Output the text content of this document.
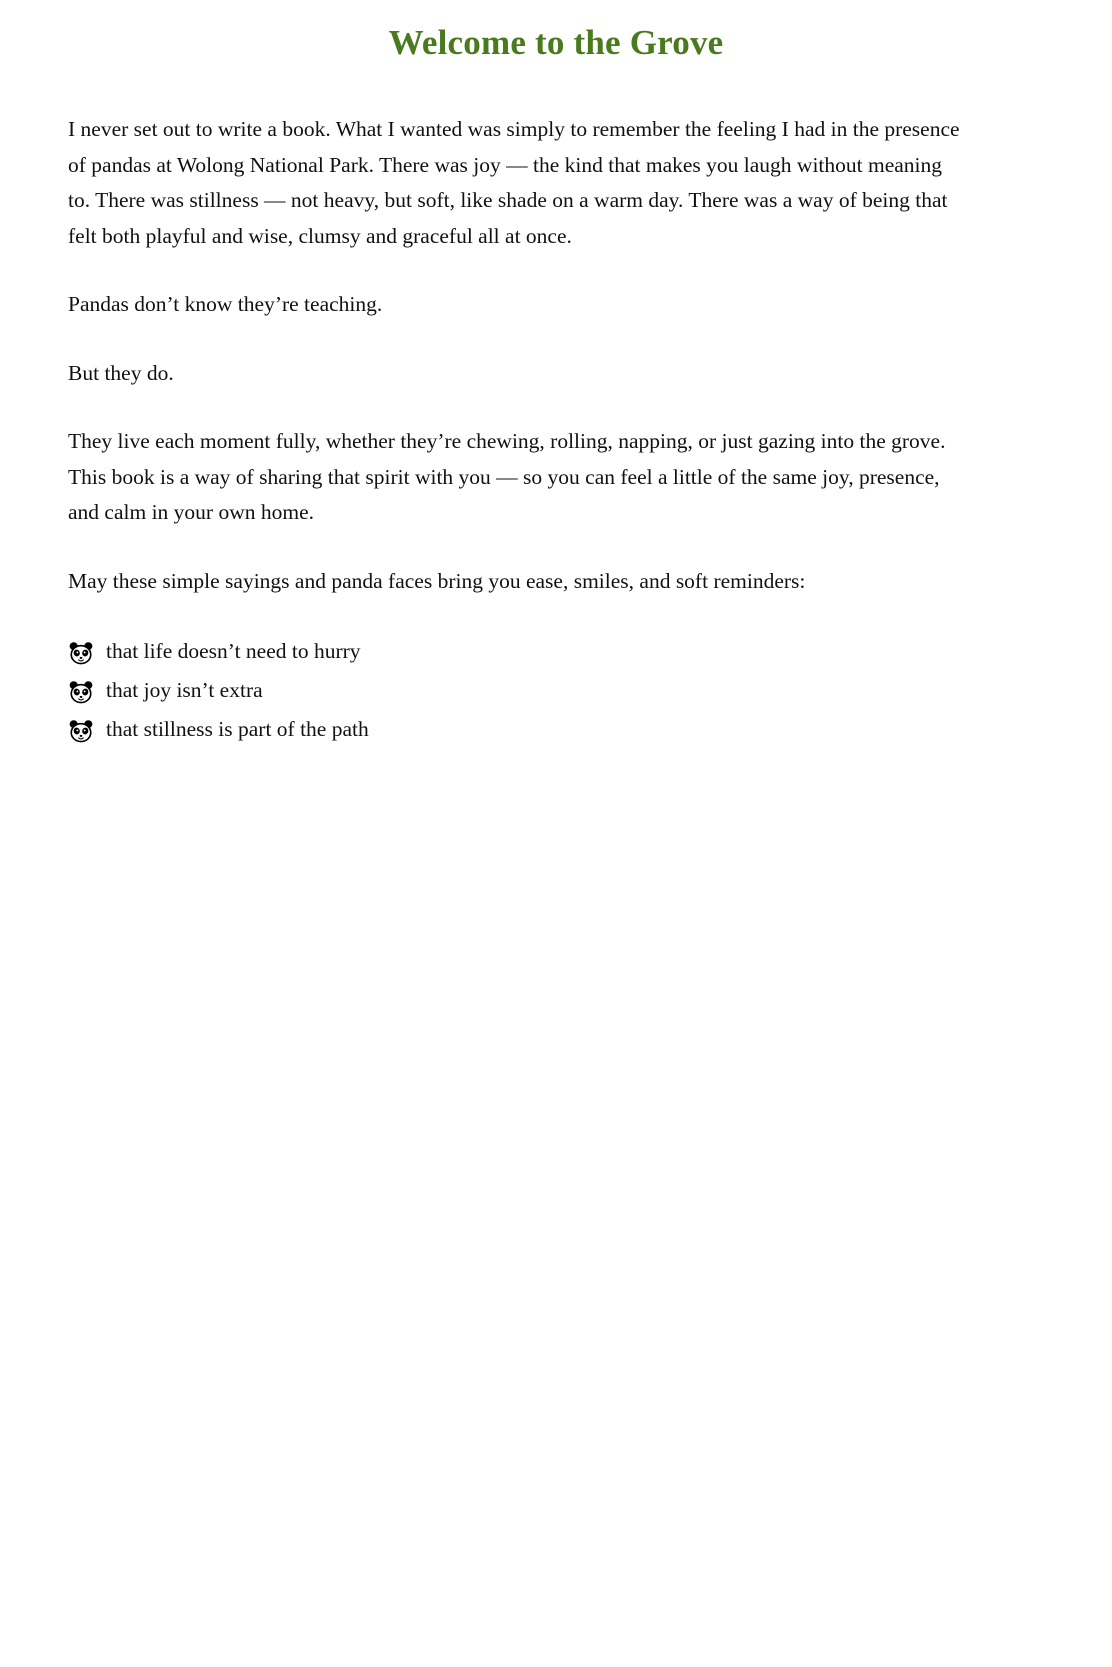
Welcome to the Grove

I never set out to write a book. What I wanted was simply to remember the feeling I had in the presence of pandas at Wolong National Park. There was joy — the kind that makes you laugh without meaning to. There was stillness — not heavy, but soft, like shade on a warm day. There was a way of being that felt both playful and wise, clumsy and graceful all at once.

Pandas don’t know they’re teaching.

But they do.

They live each moment fully, whether they’re chewing, rolling, napping, or just gazing into the grove. This book is a way of sharing that spirit with you — so you can feel a little of the same joy, presence, and calm in your own home.

May these simple sayings and panda faces bring you ease, smiles, and soft reminders:

that life doesn’t need to hurry
that joy isn’t extra
that stillness is part of the path
